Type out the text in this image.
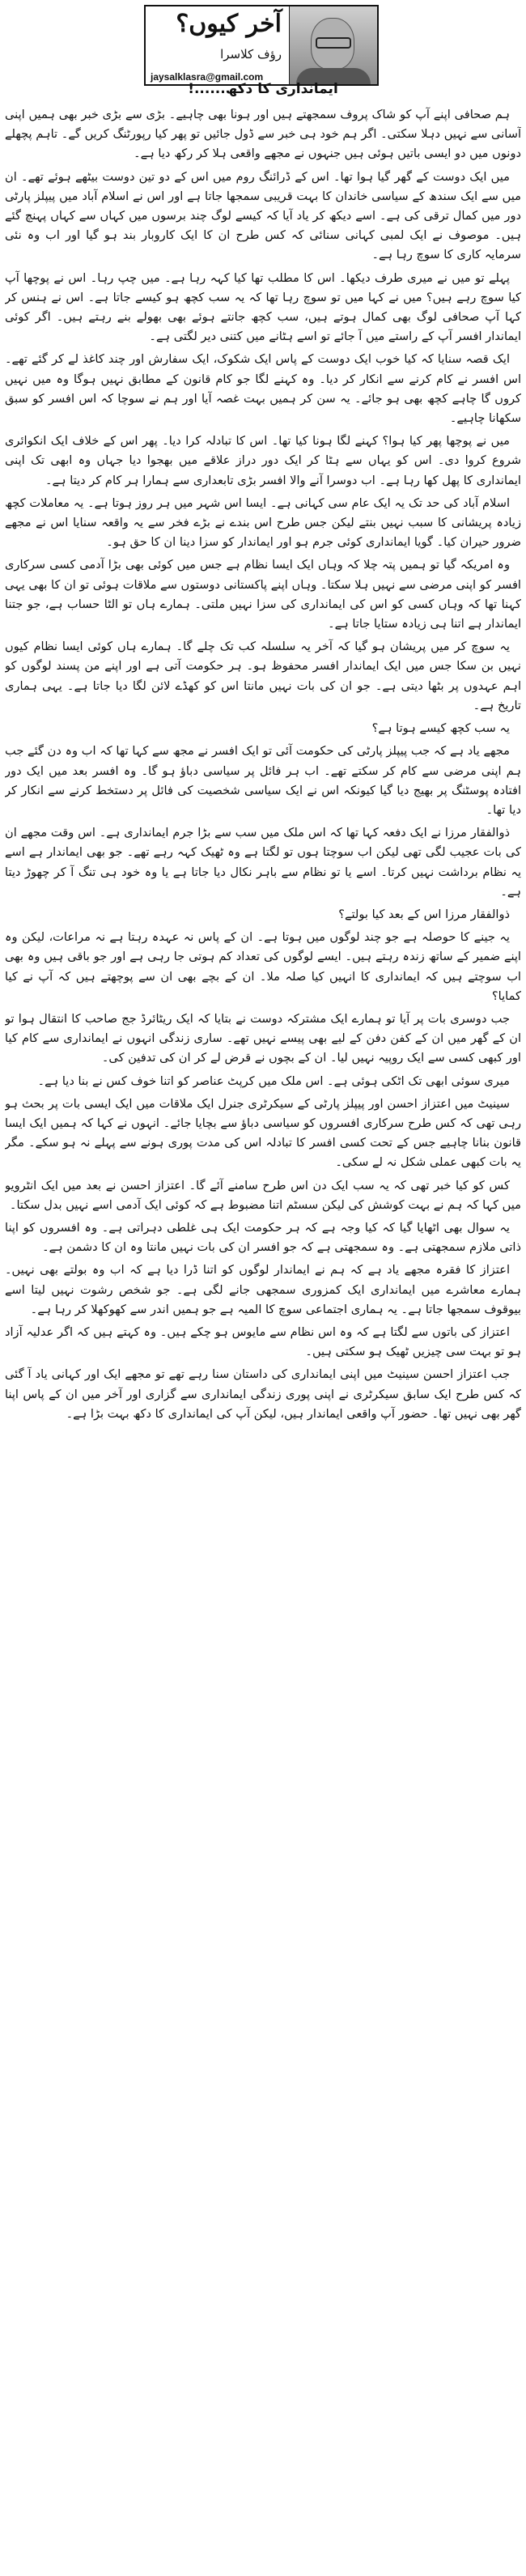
آخر کیوں؟
رؤف کلاسرا
jaysalklasra@gmail.com
ایمانداری کا دکھ......!

ہم صحافی اپنے آپ کو شاک پروف سمجھتے ہیں اور ہونا بھی چاہیے۔ بڑی سے بڑی خبر بھی ہمیں اپنی آسانی سے نہیں دہلا سکتی۔ اگر ہم خود ہی خبر سے ڈول جائیں تو پھر کیا رپورٹنگ کریں گے۔ تاہم پچھلے دونوں میں دو ایسی باتیں ہوئی ہیں جنہوں نے مجھے واقعی ہلا کر رکھ دیا ہے۔

میں ایک دوست کے گھر گیا ہوا تھا۔ اس کے ڈرائنگ روم میں اس کے دو تین دوست بیٹھے ہوئے تھے۔ ان میں سے ایک سندھ کے سیاسی خاندان کا بہت قریبی سمجھا جاتا ہے اور اس نے اسلام آباد میں پیپلز پارٹی دور میں کمال ترقی کی ہے۔ اسے دیکھ کر یاد آیا کہ کیسے لوگ چند برسوں میں کہاں سے کہاں پہنچ گئے ہیں۔ موصوف نے ایک لمبی کہانی سنائی کہ کس طرح ان کا ایک کاروبار بند ہو گیا اور اب وہ نئی سرمایہ کاری کا سوچ رہا ہے۔

پہلے تو میں نے میری طرف دیکھا۔ اس کا مطلب تھا کیا کہہ رہا ہے۔ میں چپ رہا۔ اس نے پوچھا آپ کیا سوچ رہے ہیں؟ میں نے کہا میں تو سوچ رہا تھا کہ یہ سب کچھ ہو کیسے جاتا ہے۔ اس نے ہنس کر کہا آپ صحافی لوگ بھی کمال ہوتے ہیں، سب کچھ جانتے ہوئے بھی بھولے بنے رہتے ہیں۔ اگر کوئی ایماندار افسر آپ کے راستے میں آ جائے تو اسے ہٹانے میں کتنی دیر لگتی ہے۔

ایک قصہ سنایا کہ کیا خوب ایک دوست کے پاس ایک شکوک، ایک سفارش اور چند کاغذ لے کر گئے تھے۔ اس افسر نے کام کرنے سے انکار کر دیا۔ وہ کہنے لگا جو کام قانون کے مطابق نہیں ہوگا وہ میں نہیں کروں گا چاہے کچھ بھی ہو جائے۔ یہ سن کر ہمیں بہت غصہ آیا اور ہم نے سوچا کہ اس افسر کو سبق سکھانا چاہیے۔

میں نے پوچھا پھر کیا ہوا؟ کہنے لگا ہونا کیا تھا۔ اس کا تبادلہ کرا دیا۔ پھر اس کے خلاف ایک انکوائری شروع کروا دی۔ اس کو یہاں سے ہٹا کر ایک دور دراز علاقے میں بھجوا دیا جہاں وہ ابھی تک اپنی ایمانداری کا پھل کھا رہا ہے۔ اب دوسرا آنے والا افسر بڑی تابعداری سے ہمارا ہر کام کر دیتا ہے۔

اسلام آباد کی حد تک یہ ایک عام سی کہانی ہے۔ ایسا اس شہر میں ہر روز ہوتا ہے۔ یہ معاملات کچھ زیادہ پریشانی کا سبب نہیں بنتے لیکن جس طرح اس بندے نے بڑے فخر سے یہ واقعہ سنایا اس نے مجھے ضرور حیران کیا۔ گویا ایمانداری کوئی جرم ہو اور ایماندار کو سزا دینا ان کا حق ہو۔

وہ امریکہ گیا تو ہمیں پتہ چلا کہ وہاں ایک ایسا نظام ہے جس میں کوئی بھی بڑا آدمی کسی سرکاری افسر کو اپنی مرضی سے نہیں ہلا سکتا۔ وہاں اپنے پاکستانی دوستوں سے ملاقات ہوئی تو ان کا بھی یہی کہنا تھا کہ وہاں کسی کو اس کی ایمانداری کی سزا نہیں ملتی۔ ہمارے ہاں تو الٹا حساب ہے، جو جتنا ایماندار ہے اتنا ہی زیادہ ستایا جاتا ہے۔

یہ سوچ کر میں پریشان ہو گیا کہ آخر یہ سلسلہ کب تک چلے گا۔ ہمارے ہاں کوئی ایسا نظام کیوں نہیں بن سکا جس میں ایک ایماندار افسر محفوظ ہو۔ ہر حکومت آتی ہے اور اپنے من پسند لوگوں کو اہم عہدوں پر بٹھا دیتی ہے۔ جو ان کی بات نہیں مانتا اس کو کھڈے لائن لگا دیا جاتا ہے۔ یہی ہماری تاریخ ہے۔

یہ سب کچھ کیسے ہوتا ہے؟

مجھے یاد ہے کہ جب پیپلز پارٹی کی حکومت آئی تو ایک افسر نے مجھ سے کہا تھا کہ اب وہ دن گئے جب ہم اپنی مرضی سے کام کر سکتے تھے۔ اب ہر فائل پر سیاسی دباؤ ہو گا۔ وہ افسر بعد میں ایک دور افتادہ پوسٹنگ پر بھیج دیا گیا کیونکہ اس نے ایک سیاسی شخصیت کی فائل پر دستخط کرنے سے انکار کر دیا تھا۔

ذوالفقار مرزا نے ایک دفعہ کہا تھا کہ اس ملک میں سب سے بڑا جرم ایمانداری ہے۔ اس وقت مجھے ان کی بات عجیب لگی تھی لیکن اب سوچتا ہوں تو لگتا ہے وہ ٹھیک کہہ رہے تھے۔ جو بھی ایماندار ہے اسے یہ نظام برداشت نہیں کرتا۔ اسے یا تو نظام سے باہر نکال دیا جاتا ہے یا وہ خود ہی تنگ آ کر چھوڑ دیتا ہے۔

ذوالفقار مرزا اس کے بعد کیا بولتے؟

یہ جینے کا حوصلہ ہے جو چند لوگوں میں ہوتا ہے۔ ان کے پاس نہ عہدہ رہتا ہے نہ مراعات، لیکن وہ اپنے ضمیر کے ساتھ زندہ رہتے ہیں۔ ایسے لوگوں کی تعداد کم ہوتی جا رہی ہے اور جو باقی ہیں وہ بھی اب سوچتے ہیں کہ ایمانداری کا انہیں کیا صلہ ملا۔ ان کے بچے بھی ان سے پوچھتے ہیں کہ آپ نے کیا کمایا؟

جب دوسری بات پر آیا تو ہمارے ایک مشترکہ دوست نے بتایا کہ ایک ریٹائرڈ جج صاحب کا انتقال ہوا تو ان کے گھر میں ان کے کفن دفن کے لیے بھی پیسے نہیں تھے۔ ساری زندگی انہوں نے ایمانداری سے کام کیا اور کبھی کسی سے ایک روپیہ نہیں لیا۔ ان کے بچوں نے قرض لے کر ان کی تدفین کی۔

میری سوئی ابھی تک اٹکی ہوئی ہے۔ اس ملک میں کرپٹ عناصر کو اتنا خوف کس نے بنا دیا ہے۔

سینیٹ میں اعتزاز احسن اور پیپلز پارٹی کے سیکرٹری جنرل ایک ملاقات میں ایک ایسی بات پر بحث ہو رہی تھی کہ کس طرح سرکاری افسروں کو سیاسی دباؤ سے بچایا جائے۔ انہوں نے کہا کہ ہمیں ایک ایسا قانون بنانا چاہیے جس کے تحت کسی افسر کا تبادلہ اس کی مدت پوری ہونے سے پہلے نہ ہو سکے۔ مگر یہ بات کبھی عملی شکل نہ لے سکی۔

کس کو کیا خبر تھی کہ یہ سب ایک دن اس طرح سامنے آئے گا۔ اعتزاز احسن نے بعد میں ایک انٹرویو میں کہا کہ ہم نے بہت کوشش کی لیکن سسٹم اتنا مضبوط ہے کہ کوئی ایک آدمی اسے نہیں بدل سکتا۔

یہ سوال بھی اٹھایا گیا کہ کیا وجہ ہے کہ ہر حکومت ایک ہی غلطی دہراتی ہے۔ وہ افسروں کو اپنا ذاتی ملازم سمجھتی ہے۔ وہ سمجھتی ہے کہ جو افسر ان کی بات نہیں مانتا وہ ان کا دشمن ہے۔

اعتزاز کا فقرہ مجھے یاد ہے کہ ہم نے ایماندار لوگوں کو اتنا ڈرا دیا ہے کہ اب وہ بولتے بھی نہیں۔ ہمارے معاشرے میں ایمانداری ایک کمزوری سمجھی جانے لگی ہے۔ جو شخص رشوت نہیں لیتا اسے بیوقوف سمجھا جاتا ہے۔ یہ ہماری اجتماعی سوچ کا المیہ ہے جو ہمیں اندر سے کھوکھلا کر رہا ہے۔

اعتزاز کی باتوں سے لگتا ہے کہ وہ اس نظام سے مایوس ہو چکے ہیں۔ وہ کہتے ہیں کہ اگر عدلیہ آزاد ہو تو بہت سی چیزیں ٹھیک ہو سکتی ہیں۔

جب اعتزاز احسن سینیٹ میں اپنی ایمانداری کی داستان سنا رہے تھے تو مجھے ایک اور کہانی یاد آ گئی کہ کس طرح ایک سابق سیکرٹری نے اپنی پوری زندگی ایمانداری سے گزاری اور آخر میں ان کے پاس اپنا گھر بھی نہیں تھا۔ حضور آپ واقعی ایماندار ہیں، لیکن آپ کی ایمانداری کا دکھ بہت بڑا ہے۔
